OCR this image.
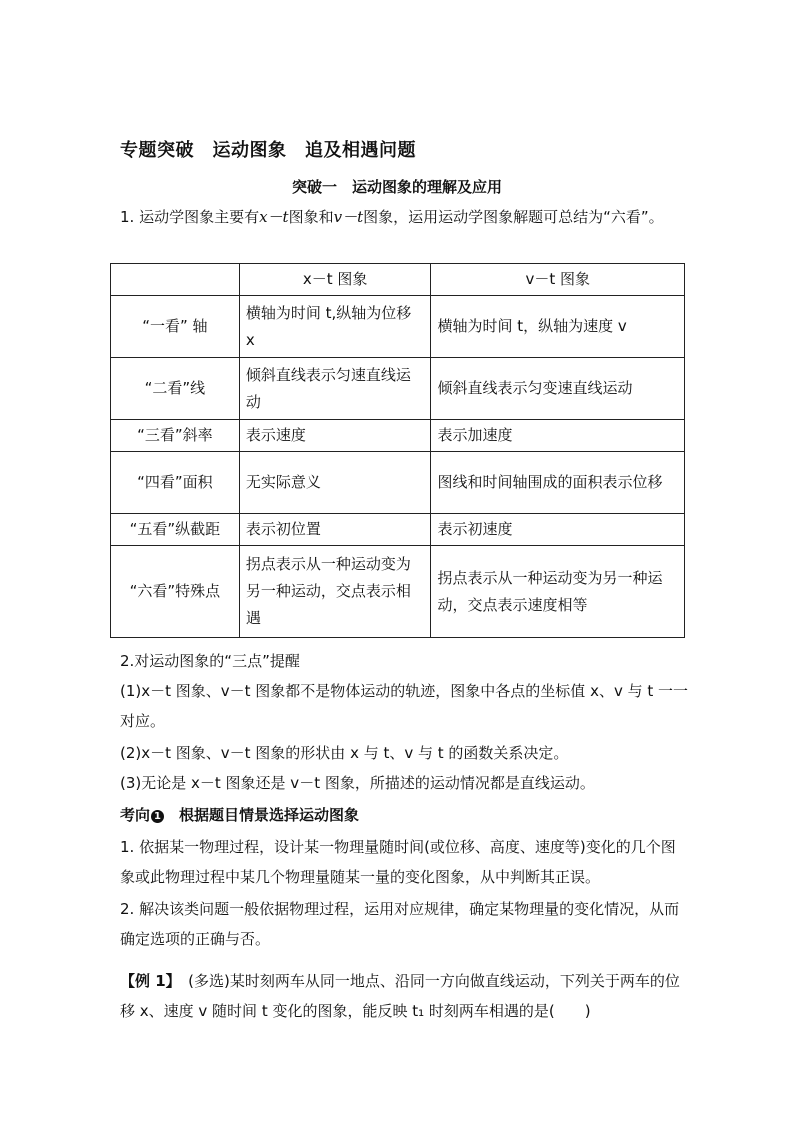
专题突破　运动图象　追及相遇问题
突破一　运动图象的理解及应用

1. 运动学图象主要有x－t图象和v－t图象，运用运动学图象解题可总结为“六看”。

	x－t 图象	v－t 图象
“一看” 轴	横轴为时间 t,纵轴为位移 x	横轴为时间 t，纵轴为速度 v
“二看”线	倾斜直线表示匀速直线运动	倾斜直线表示匀变速直线运动
“三看”斜率	表示速度	表示加速度
“四看”面积	无实际意义	图线和时间轴围成的面积表示位移
“五看”纵截距	表示初位置	表示初速度
“六看”特殊点	拐点表示从一种运动变为另一种运动，交点表示相遇	拐点表示从一种运动变为另一种运动，交点表示速度相等

2.对运动图象的“三点”提醒

(1)x－t 图象、v－t 图象都不是物体运动的轨迹，图象中各点的坐标值 x、v 与 t 一一对应。

(2)x－t 图象、v－t 图象的形状由 x 与 t、v 与 t 的函数关系决定。

(3)无论是 x－t 图象还是 v－t 图象，所描述的运动情况都是直线运动。

考向 1　根据题目情景选择运动图象

1. 依据某一物理过程，设计某一物理量随时间(或位移、高度、速度等)变化的几个图象或此物理过程中某几个物理量随某一量的变化图象，从中判断其正误。

2. 解决该类问题一般依据物理过程，运用对应规律，确定某物理量的变化情况，从而确定选项的正确与否。

【例 1】　(多选)某时刻两车从同一地点、沿同一方向做直线运动，下列关于两车的位移 x、速度 v 随时间 t 变化的图象，能反映 t₁ 时刻两车相遇的是(　　)
